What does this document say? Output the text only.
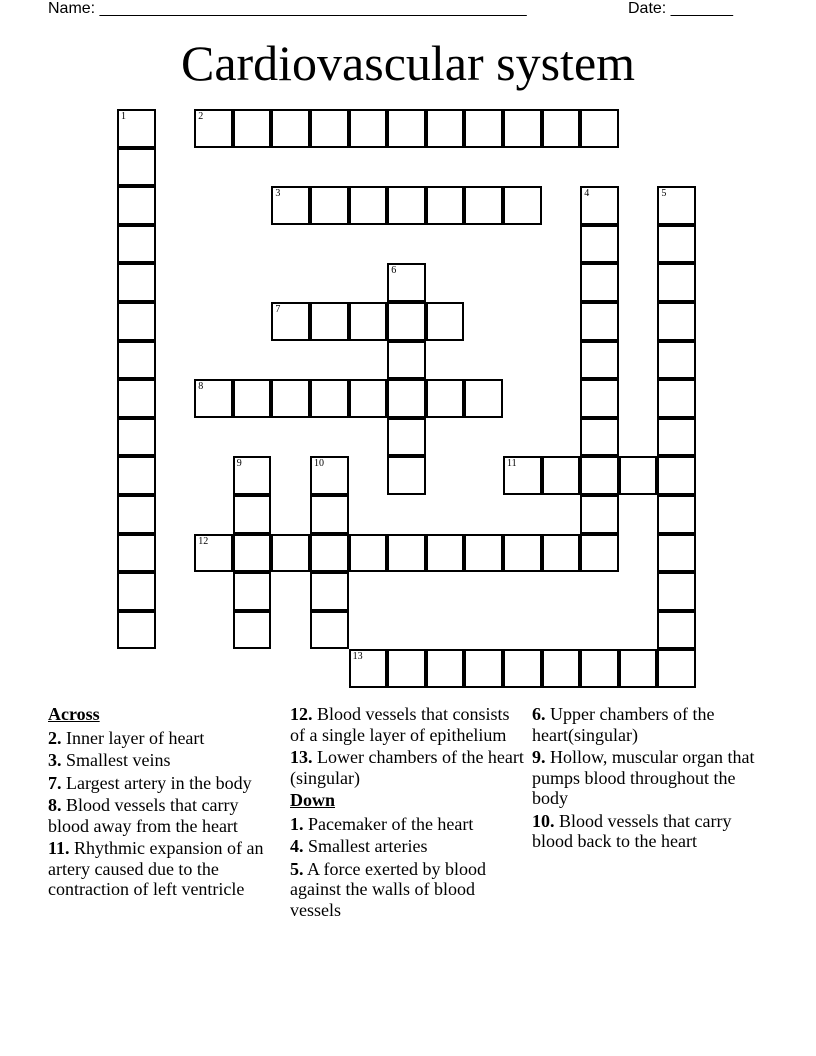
Name: ________________________________________________	Date: _______
Cardiovascular system
1	2
3	4	5
6
7
8
9	10	11
12
13
Across
2. Inner layer of heart
3. Smallest veins
7. Largest artery in the body
8. Blood vessels that carry blood away from the heart
11. Rhythmic expansion of an artery caused due to the contraction of left ventricle
12. Blood vessels that consists of a single layer of epithelium
13. Lower chambers of the heart (singular)
Down
1. Pacemaker of the heart
4. Smallest arteries
5. A force exerted by blood against the walls of blood vessels
6. Upper chambers of the heart(singular)
9. Hollow, muscular organ that pumps blood throughout the body
10. Blood vessels that carry blood back to the heart
